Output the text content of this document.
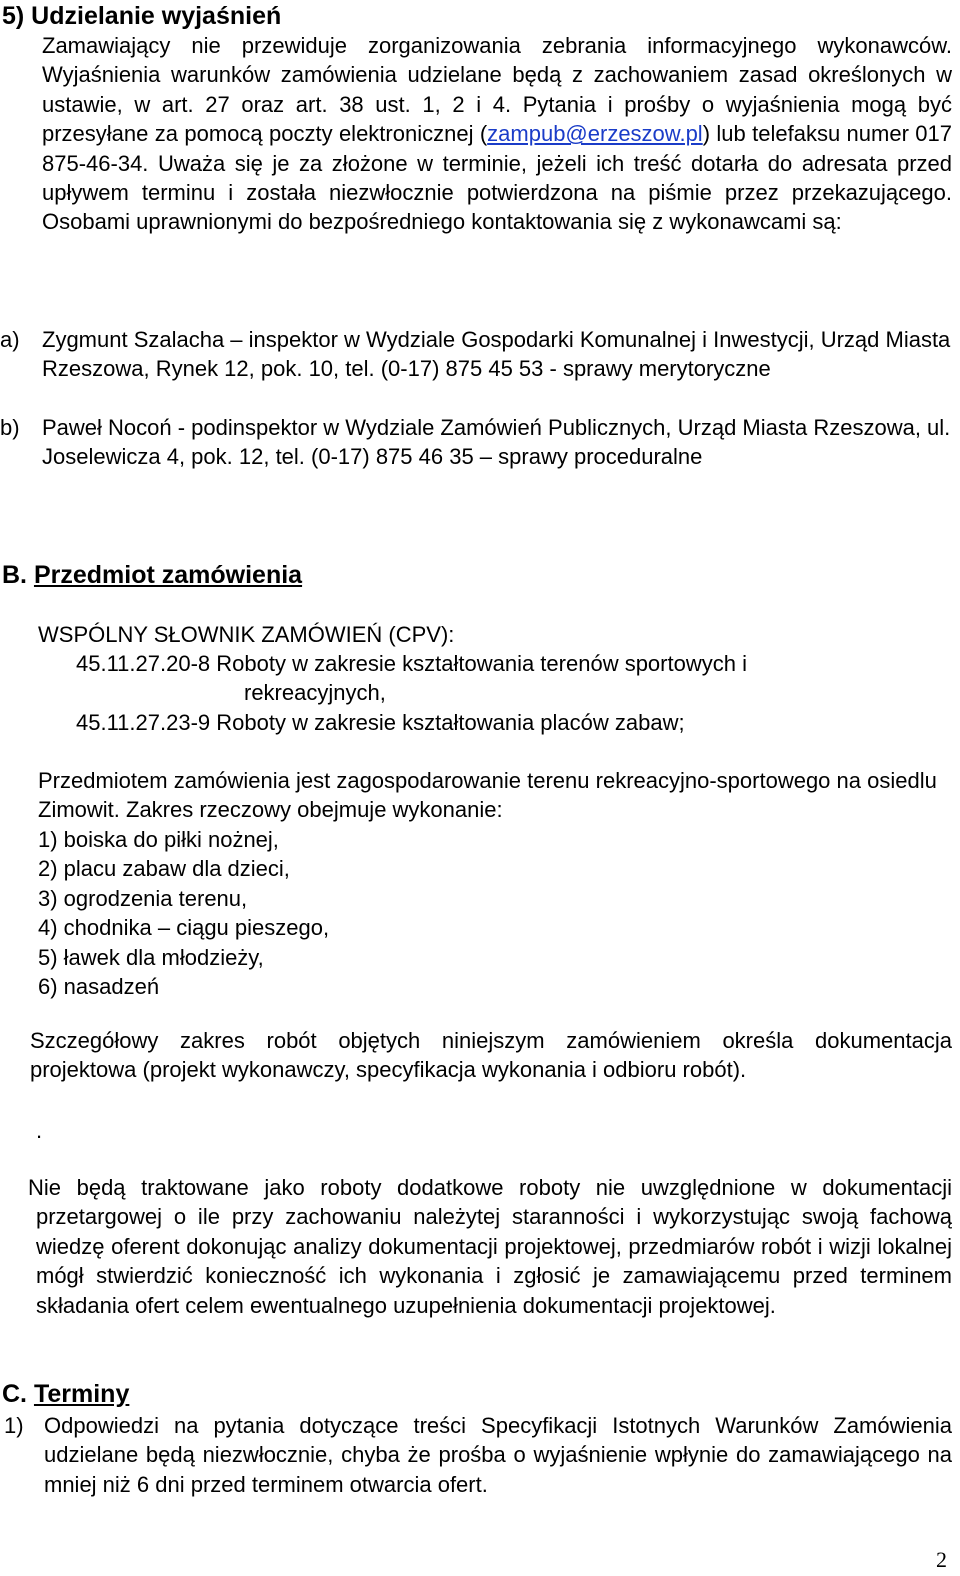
5) Udzielanie wyjaśnień
Zamawiający nie przewiduje zorganizowania zebrania informacyjnego wykonawców. Wyjaśnienia warunków zamówienia udzielane będą z zachowaniem zasad określonych w ustawie, w art. 27 oraz art. 38 ust. 1, 2 i 4. Pytania i prośby o wyjaśnienia mogą być przesyłane za pomocą poczty elektronicznej (zampub@erzeszow.pl) lub telefaksu numer 017 875-46-34. Uważa się je za złożone w terminie, jeżeli ich treść dotarła do adresata przed upływem terminu i została niezwłocznie potwierdzona na piśmie przez przekazującego. Osobami uprawnionymi do bezpośredniego kontaktowania się z wykonawcami są:
a) Zygmunt Szalacha – inspektor w Wydziale Gospodarki Komunalnej i Inwestycji, Urząd Miasta Rzeszowa, Rynek 12, pok. 10, tel. (0-17) 875 45 53 - sprawy merytoryczne
b) Paweł Nocoń - podinspektor w Wydziale Zamówień Publicznych, Urząd Miasta Rzeszowa, ul. Joselewicza 4, pok. 12, tel. (0-17) 875 46 35 – sprawy proceduralne
B. Przedmiot zamówienia
WSPÓLNY SŁOWNIK ZAMÓWIEŃ (CPV):
45.11.27.20-8 Roboty w zakresie kształtowania terenów sportowych i
rekreacyjnych,
45.11.27.23-9 Roboty w zakresie kształtowania placów zabaw;
Przedmiotem zamówienia jest zagospodarowanie terenu rekreacyjno-sportowego na osiedlu Zimowit. Zakres rzeczowy obejmuje wykonanie:
1) boiska do piłki nożnej,
2) placu zabaw dla dzieci,
3) ogrodzenia terenu,
4) chodnika – ciągu pieszego,
5) ławek dla młodzieży,
6) nasadzeń
Szczegółowy zakres robót objętych niniejszym zamówieniem określa dokumentacja projektowa (projekt wykonawczy, specyfikacja wykonania i odbioru robót).
.
Nie będą traktowane jako roboty dodatkowe roboty nie uwzględnione w dokumentacji przetargowej o ile przy zachowaniu należytej staranności i wykorzystując swoją fachową wiedzę oferent dokonując analizy dokumentacji projektowej, przedmiarów robót i wizji lokalnej mógł stwierdzić konieczność ich wykonania i zgłosić je zamawiającemu przed terminem składania ofert celem ewentualnego uzupełnienia dokumentacji projektowej.
C. Terminy
1) Odpowiedzi na pytania dotyczące treści Specyfikacji Istotnych Warunków Zamówienia udzielane będą niezwłocznie, chyba że prośba o wyjaśnienie wpłynie do zamawiającego na mniej niż 6 dni przed terminem otwarcia ofert.
2
